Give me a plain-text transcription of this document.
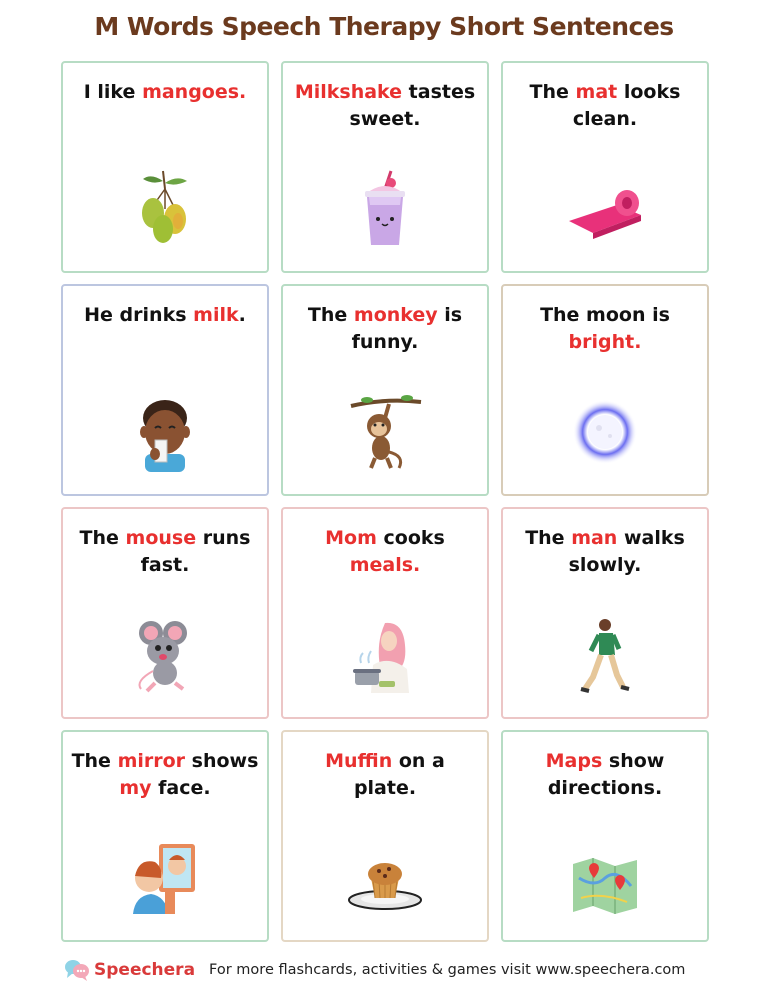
M Words Speech Therapy Short Sentences
I like mangoes.	Milkshake tastes sweet.
The mat looks clean.
He drinks milk.	The monkey is funny.
The moon is bright.
The mouse runs fast.
Mom cooks meals.
The man walks slowly.
The mirror shows my face.
Muffin on a plate.
Maps show directions.
Speechera For more flashcards, activities & games visit www.speechera.com
